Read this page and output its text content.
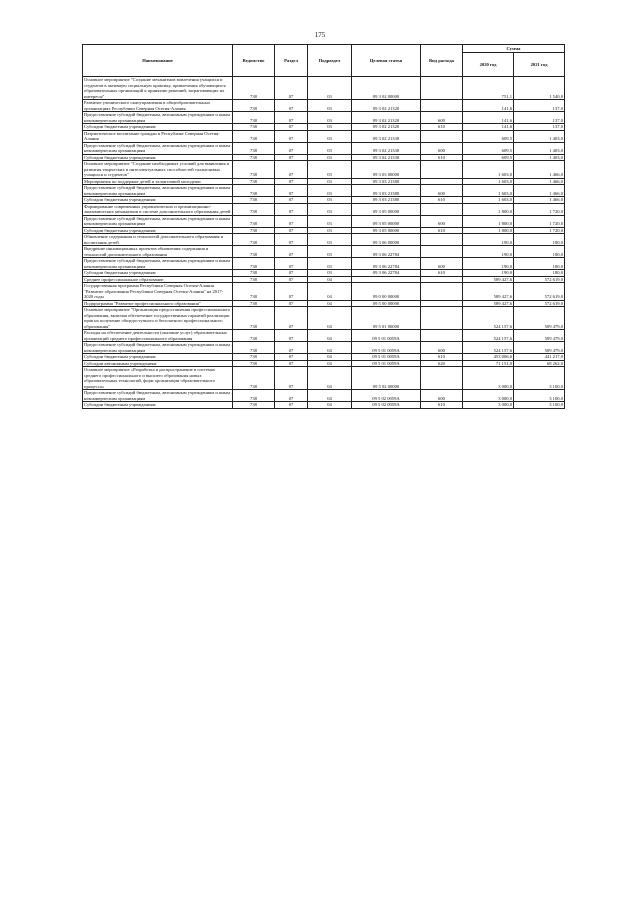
175
Наименование	Ведомство	Раздел	Подраздел	Целевая статья	Вид расхода	Сумма	
						2020 год	2021 год
Основное мероприятие "Создание механизмов вовлечения учащихся и студентов в активную социальную практику, привлечения обучающихся образовательных организаций к принятию решений, затрагивающих их интересы"	738	07	03	09 3 02 00000		751,1	1 540,0
Развитие ученического самоуправления в общеобразовательных организациях Республики Северная Осетия-Алания	738	07	03	09 3 02 21320		141,6	137,0
Предоставление субсидий бюджетным, автономным учреждениям и иным некоммерческим организациям	738	07	03	09 3 02 21320	600	141,6	137,0
Субсидии бюджетным учреждениям	738	07	03	09 3 02 21320	610	141,6	137,0
Патриотическое воспитание граждан в Республике Северная Осетия-Алания	738	07	03	09 3 02 21330		609,5	1 403,0
Предоставление субсидий бюджетным, автономным учреждениям и иным некоммерческим организациям	738	07	03	09 3 02 21330	600	609,5	1 403,0
Субсидии бюджетным учреждениям	738	07	03	09 3 02 21330	610	609,5	1 403,0
Основное мероприятие "Создание необходимых условий для выявления и развития творческих и интеллектуальных способностей талантливых учащихся и студентов"	738	07	03	09 3 03 00000		1 603,0	1 466,0
Мероприятия по поддержке детей и талантливой молодежи	738	07	03	09 3 03 21380		1 603,0	1 466,0
Предоставление субсидий бюджетным, автономным учреждениям и иным некоммерческим организациям	738	07	03	09 3 03 21380	600	1 603,0	1 466,0
Субсидии бюджетным учреждениям	738	07	03	09 3 03 21380	610	1 603,0	1 466,0
Формирование современных управленческих и организационно-экономических механизмов в системе дополнительного образования детей	738	07	03	09 3 05 00000		1 800,0	1 720,0
Предоставление субсидий бюджетным, автономным учреждениям и иным некоммерческим организациям	738	07	03	09 3 05 00000	600	1 800,0	1 720,0
Субсидии бюджетным учреждениям	738	07	03	09 3 05 00000	610	1 800,0	1 720,0
Обновление содержания и технологий дополнительного образования и воспитания детей	738	07	03	09 3 06 00000		190,0	180,0
Внедрение инновационных проектов обновления содержания и технологий дополнительного образования	738	07	03	09 3 06 22784		190,0	180,0
Предоставление субсидий бюджетным, автономным учреждениям и иным некоммерческим организациям	738	07	03	09 3 06 22784	600	190,0	180,0
Субсидии бюджетным учреждениям	738	07	03	09 3 06 22784	610	190,0	180,0
Среднее профессиональное образование	738	07	04			589 427,6	572 619,0
Государственная программа Республики Северная Осетия-Алания "Развитие образования Республики Северная Осетия-Алания" на 2017-2020 годы	738	07	04	09 0 00 00000		589 427,6	572 619,0
Подпрограмма "Развитие профессионального образования"	738	07	04	09 5 00 00000		589 427,6	572 619,0
Основное мероприятие "Организация предоставления профессионального образования, включая обеспечение государственных гарантий реализации прав на получение общедоступного и бесплатного профессионального образования"	738	07	04	09 5 01 00000		524 157,6	509 479,0
Расходы на обеспечение деятельности (оказание услуг) образовательных организаций среднего профессионального образования	738	07	04	09 5 01 0059А		524 157,6	509 479,0
Предоставление субсидий бюджетным, автономным учреждениям и иным некоммерческим организациям	738	07	04	09 5 01 0059А	600	524 157,6	509 479,0
Субсидии бюджетным учреждениям	738	07	04	09 5 01 0059А	610	453 006,6	441 217,0
Субсидии автономным учреждениям	738	07	04	09 5 01 0059А	620	71 151,0	68 262,0
Основное мероприятие «Разработка и распространение в системах среднего профессионального и высшего образования новых образовательных технологий, форм организации образовательного процесса»	738	07	04	09 5 02 00000		3 000,0	3 100,0
Предоставление субсидий бюджетным, автономным учреждениям и иным некоммерческим организациям	738	07	04	09 5 02 0059А	600	3 000,0	3 100,0
Субсидии бюджетным учреждениям	738	07	04	09 5 02 0059А	610	3 000,0	3 100,0
